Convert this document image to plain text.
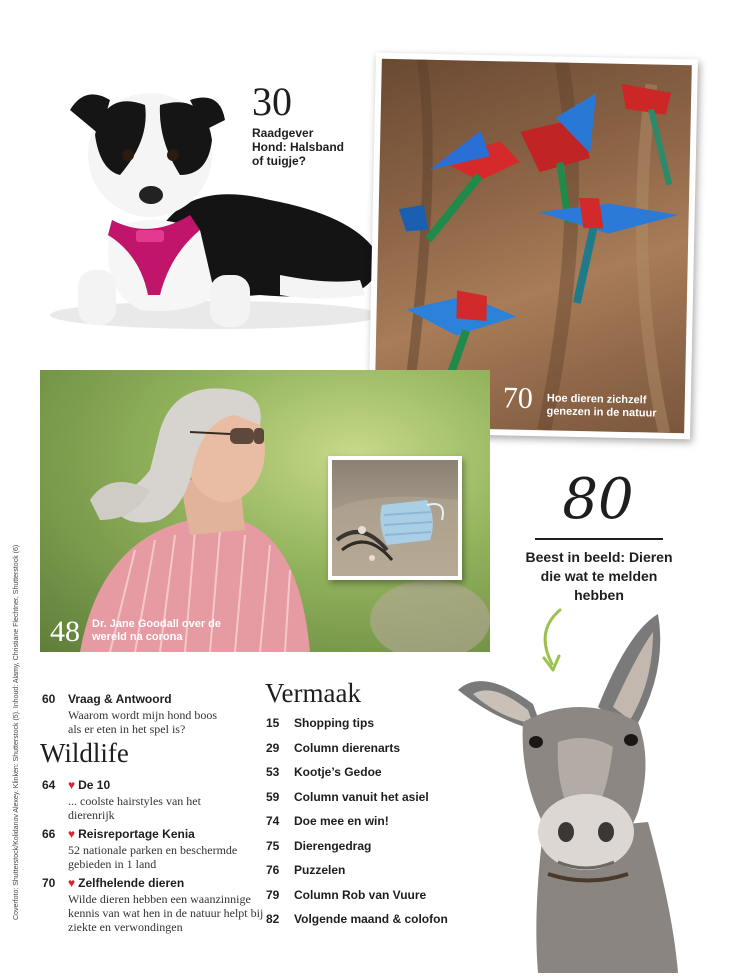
30
Raadgever Hond: Halsband of tuigje?
70 Hoe dieren zichzelf genezen in de natuur
48 Dr. Jane Goodall over de wereld na corona
80
Beest in beeld: Dieren die wat te melden hebben
60 Vraag & Antwoord
Waarom wordt mijn hond boos als er eten in het spel is?
Wildlife
64 ♥ De 10
... coolste hairstyles van het dierenrijk
66 ♥ Reisreportage Kenia
52 nationale parken en beschermde gebieden in 1 land
70 ♥ Zelfhelende dieren
Wilde dieren hebben een waanzinnige kennis van wat hen in de natuur helpt bij ziekte en verwondingen
Vermaak
15 Shopping tips
29 Column dierenarts
53 Kootje’s Gedoe
59 Column vanuit het asiel
74 Doe mee en win!
75 Dierengedrag
76 Puzzelen
79 Column Rob van Vuure
82 Volgende maand & colofon
Coverfoto: Shutterstock/Kolidanov Alexey. Klinken: Shutterstock (5). Inhoud: Alamy, Christiane Flechtner, Shutterstock (6)
